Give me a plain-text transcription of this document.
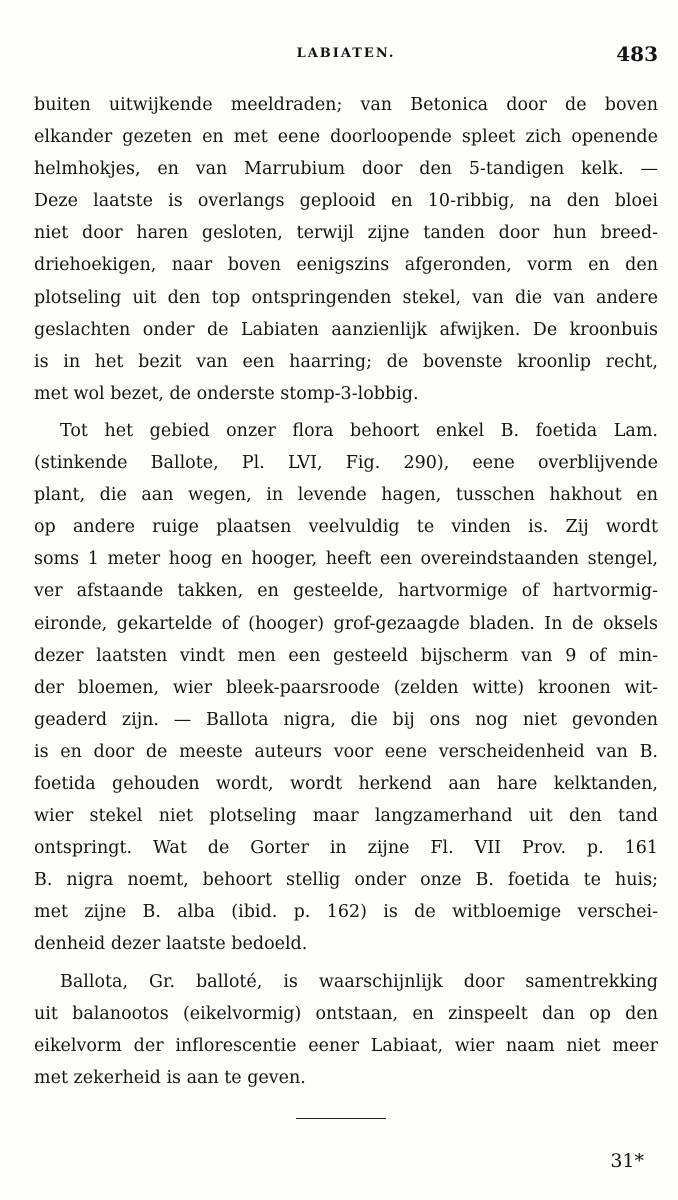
LABIATEN.	483
buiten uitwijkende meeldraden; van Betonica door de boven
elkander gezeten en met eene doorloopende spleet zich openende
helmhokjes, en van Marrubium door den 5-tandigen kelk. —
Deze laatste is overlangs geplooid en 10-ribbig, na den bloei
niet door haren gesloten, terwijl zijne tanden door hun breed-
driehoekigen, naar boven eenigszins afgeronden, vorm en den
plotseling uit den top ontspringenden stekel, van die van andere
geslachten onder de Labiaten aanzienlijk afwijken. De kroonbuis
is in het bezit van een haarring; de bovenste kroonlip recht,
met wol bezet, de onderste stomp-3-lobbig.
Tot het gebied onzer flora behoort enkel B. foetida Lam.
(stinkende Ballote, Pl. LVI, Fig. 290), eene overblijvende
plant, die aan wegen, in levende hagen, tusschen hakhout en
op andere ruige plaatsen veelvuldig te vinden is. Zij wordt
soms 1 meter hoog en hooger, heeft een overeindstaanden stengel,
ver afstaande takken, en gesteelde, hartvormige of hartvormig-
eironde, gekartelde of (hooger) grof-gezaagde bladen. In de oksels
dezer laatsten vindt men een gesteeld bijscherm van 9 of min-
der bloemen, wier bleek-paarsroode (zelden witte) kroonen wit-
geaderd zijn. — Ballota nigra, die bij ons nog niet gevonden
is en door de meeste auteurs voor eene verscheidenheid van B.
foetida gehouden wordt, wordt herkend aan hare kelktanden,
wier stekel niet plotseling maar langzamerhand uit den tand
ontspringt. Wat de Gorter in zijne Fl. VII Prov. p. 161
B. nigra noemt, behoort stellig onder onze B. foetida te huis;
met zijne B. alba (ibid. p. 162) is de witbloemige verschei-
denheid dezer laatste bedoeld.
Ballota, Gr. balloté, is waarschijnlijk door samentrekking
uit balanootos (eikelvormig) ontstaan, en zinspeelt dan op den
eikelvorm der inflorescentie eener Labiaat, wier naam niet meer
met zekerheid is aan te geven.
31*
